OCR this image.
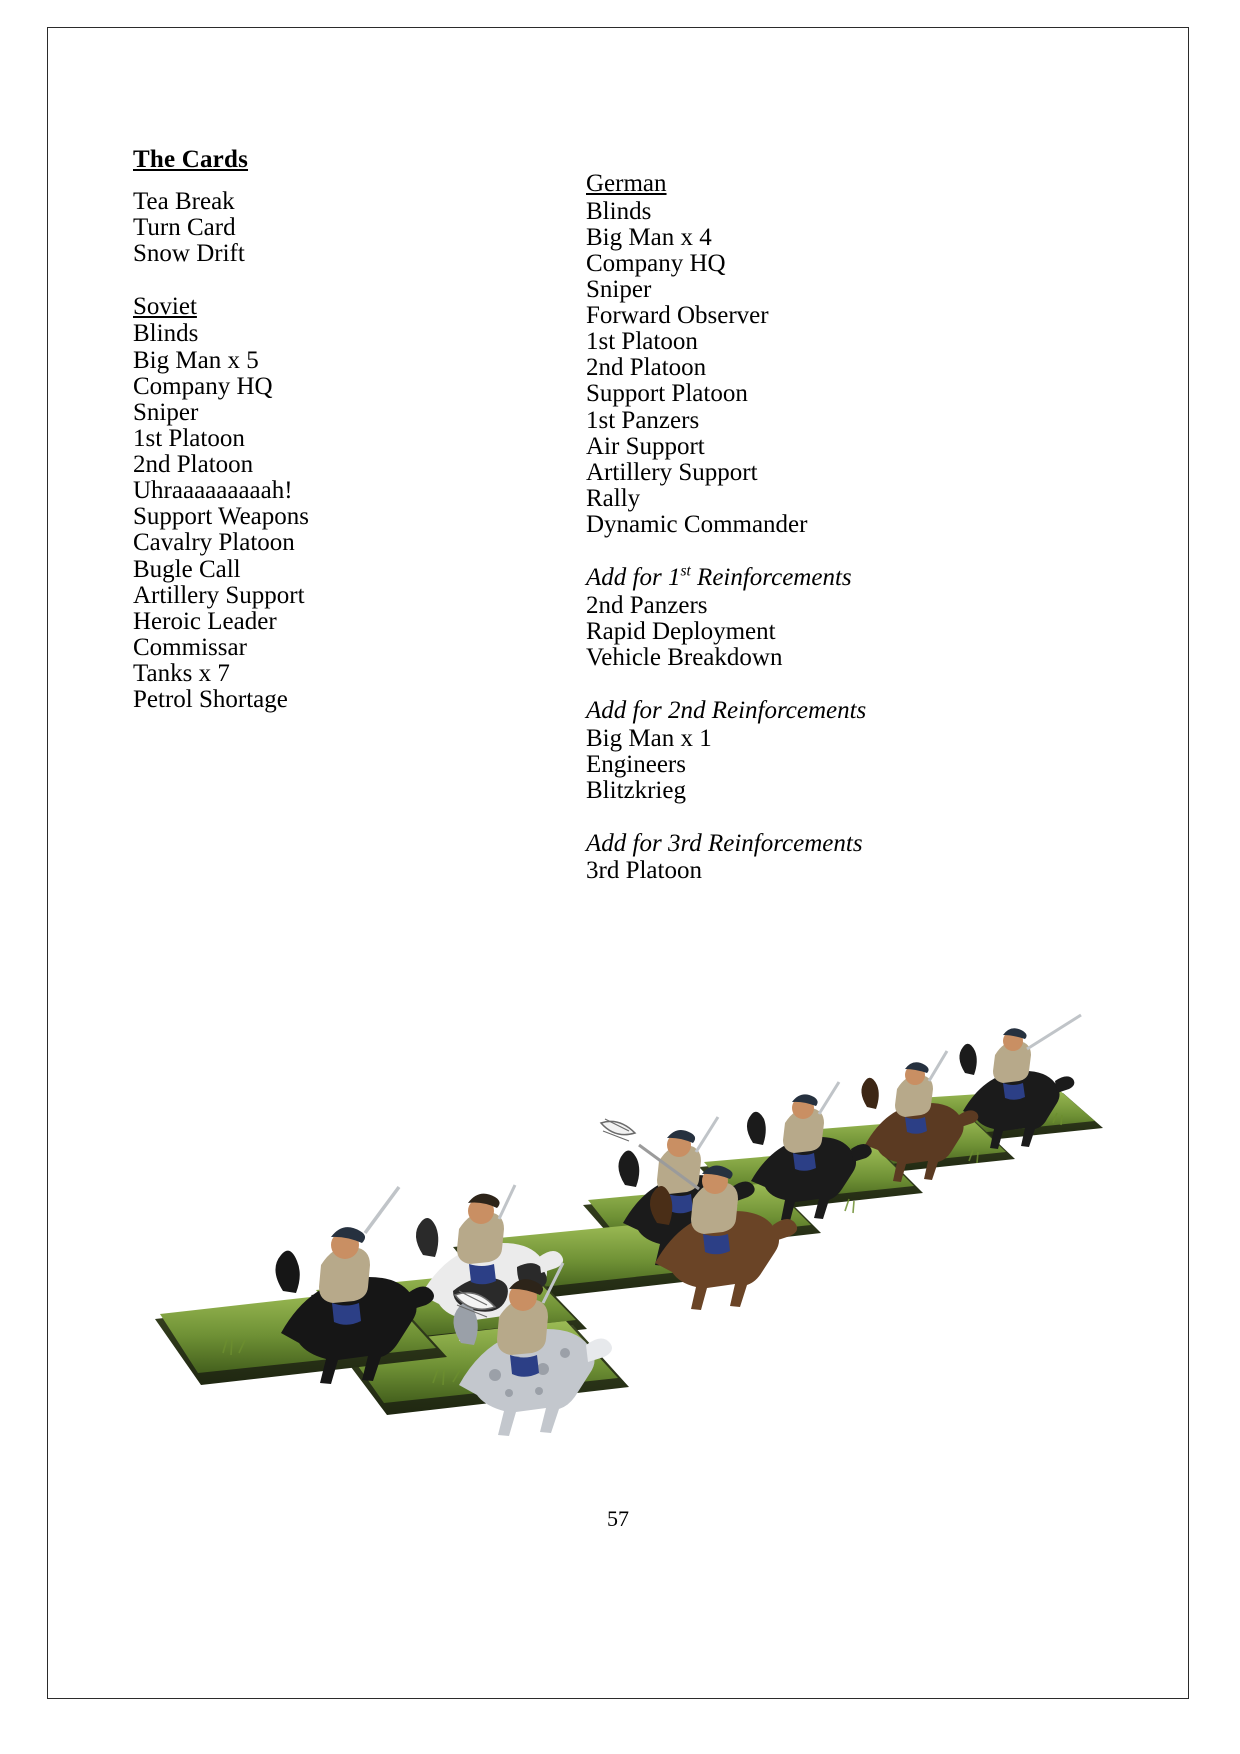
The Cards
Tea Break
Turn Card
Snow Drift
Soviet
Blinds
Big Man x 5
Company HQ
Sniper
1st Platoon
2nd Platoon
Uhraaaaaaaaah!
Support Weapons
Cavalry Platoon
Bugle Call
Artillery Support
Heroic Leader
Commissar
Tanks x 7
Petrol Shortage
German
Blinds
Big Man x 4
Company HQ
Sniper
Forward Observer
1st Platoon
2nd Platoon
Support Platoon
1st Panzers
Air Support
Artillery Support
Rally
Dynamic Commander
Add for 1st Reinforcements
2nd Panzers
Rapid Deployment
Vehicle Breakdown
Add for 2nd Reinforcements
Big Man x 1
Engineers
Blitzkrieg
Add for 3rd Reinforcements
3rd Platoon
57
